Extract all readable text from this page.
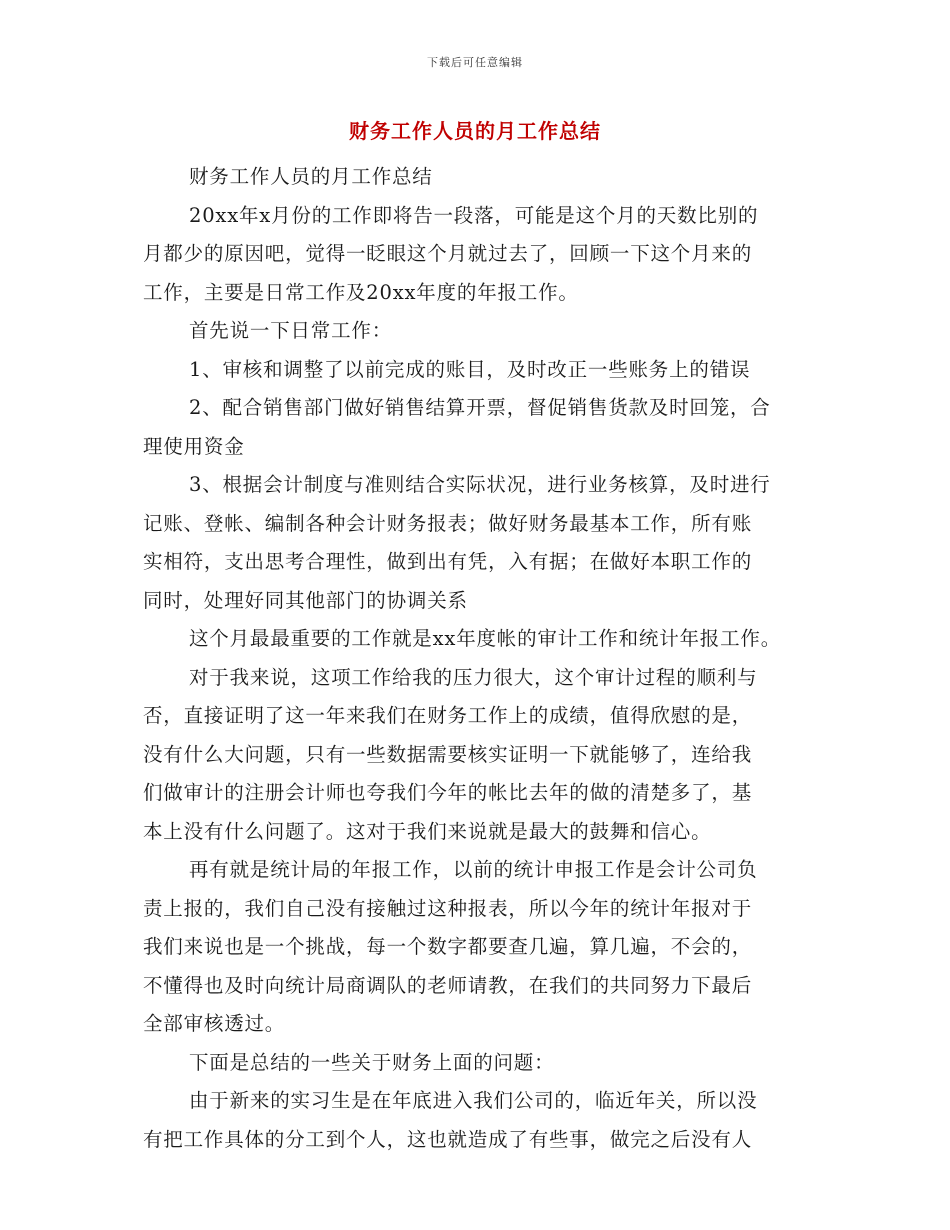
下载后可任意编辑
财务工作人员的月工作总结
财务工作人员的月工作总结
20xx年x月份的工作即将告一段落，可能是这个月的天数比别的
月都少的原因吧，觉得一眨眼这个月就过去了，回顾一下这个月来的
工作，主要是日常工作及20xx年度的年报工作。
首先说一下日常工作：
1、审核和调整了以前完成的账目，及时改正一些账务上的错误
2、配合销售部门做好销售结算开票，督促销售货款及时回笼，合
理使用资金
3、根据会计制度与准则结合实际状况，进行业务核算，及时进行
记账、登帐、编制各种会计财务报表；做好财务最基本工作，所有账
实相符，支出思考合理性，做到出有凭，入有据；在做好本职工作的
同时，处理好同其他部门的协调关系
这个月最最重要的工作就是xx年度帐的审计工作和统计年报工作。
对于我来说，这项工作给我的压力很大，这个审计过程的顺利与
否，直接证明了这一年来我们在财务工作上的成绩，值得欣慰的是，
没有什么大问题，只有一些数据需要核实证明一下就能够了，连给我
们做审计的注册会计师也夸我们今年的帐比去年的做的清楚多了，基
本上没有什么问题了。这对于我们来说就是最大的鼓舞和信心。
再有就是统计局的年报工作，以前的统计申报工作是会计公司负
责上报的，我们自己没有接触过这种报表，所以今年的统计年报对于
我们来说也是一个挑战，每一个数字都要查几遍，算几遍，不会的，
不懂得也及时向统计局商调队的老师请教，在我们的共同努力下最后
全部审核透过。
下面是总结的一些关于财务上面的问题：
由于新来的实习生是在年底进入我们公司的，临近年关，所以没
有把工作具体的分工到个人，这也就造成了有些事，做完之后没有人
